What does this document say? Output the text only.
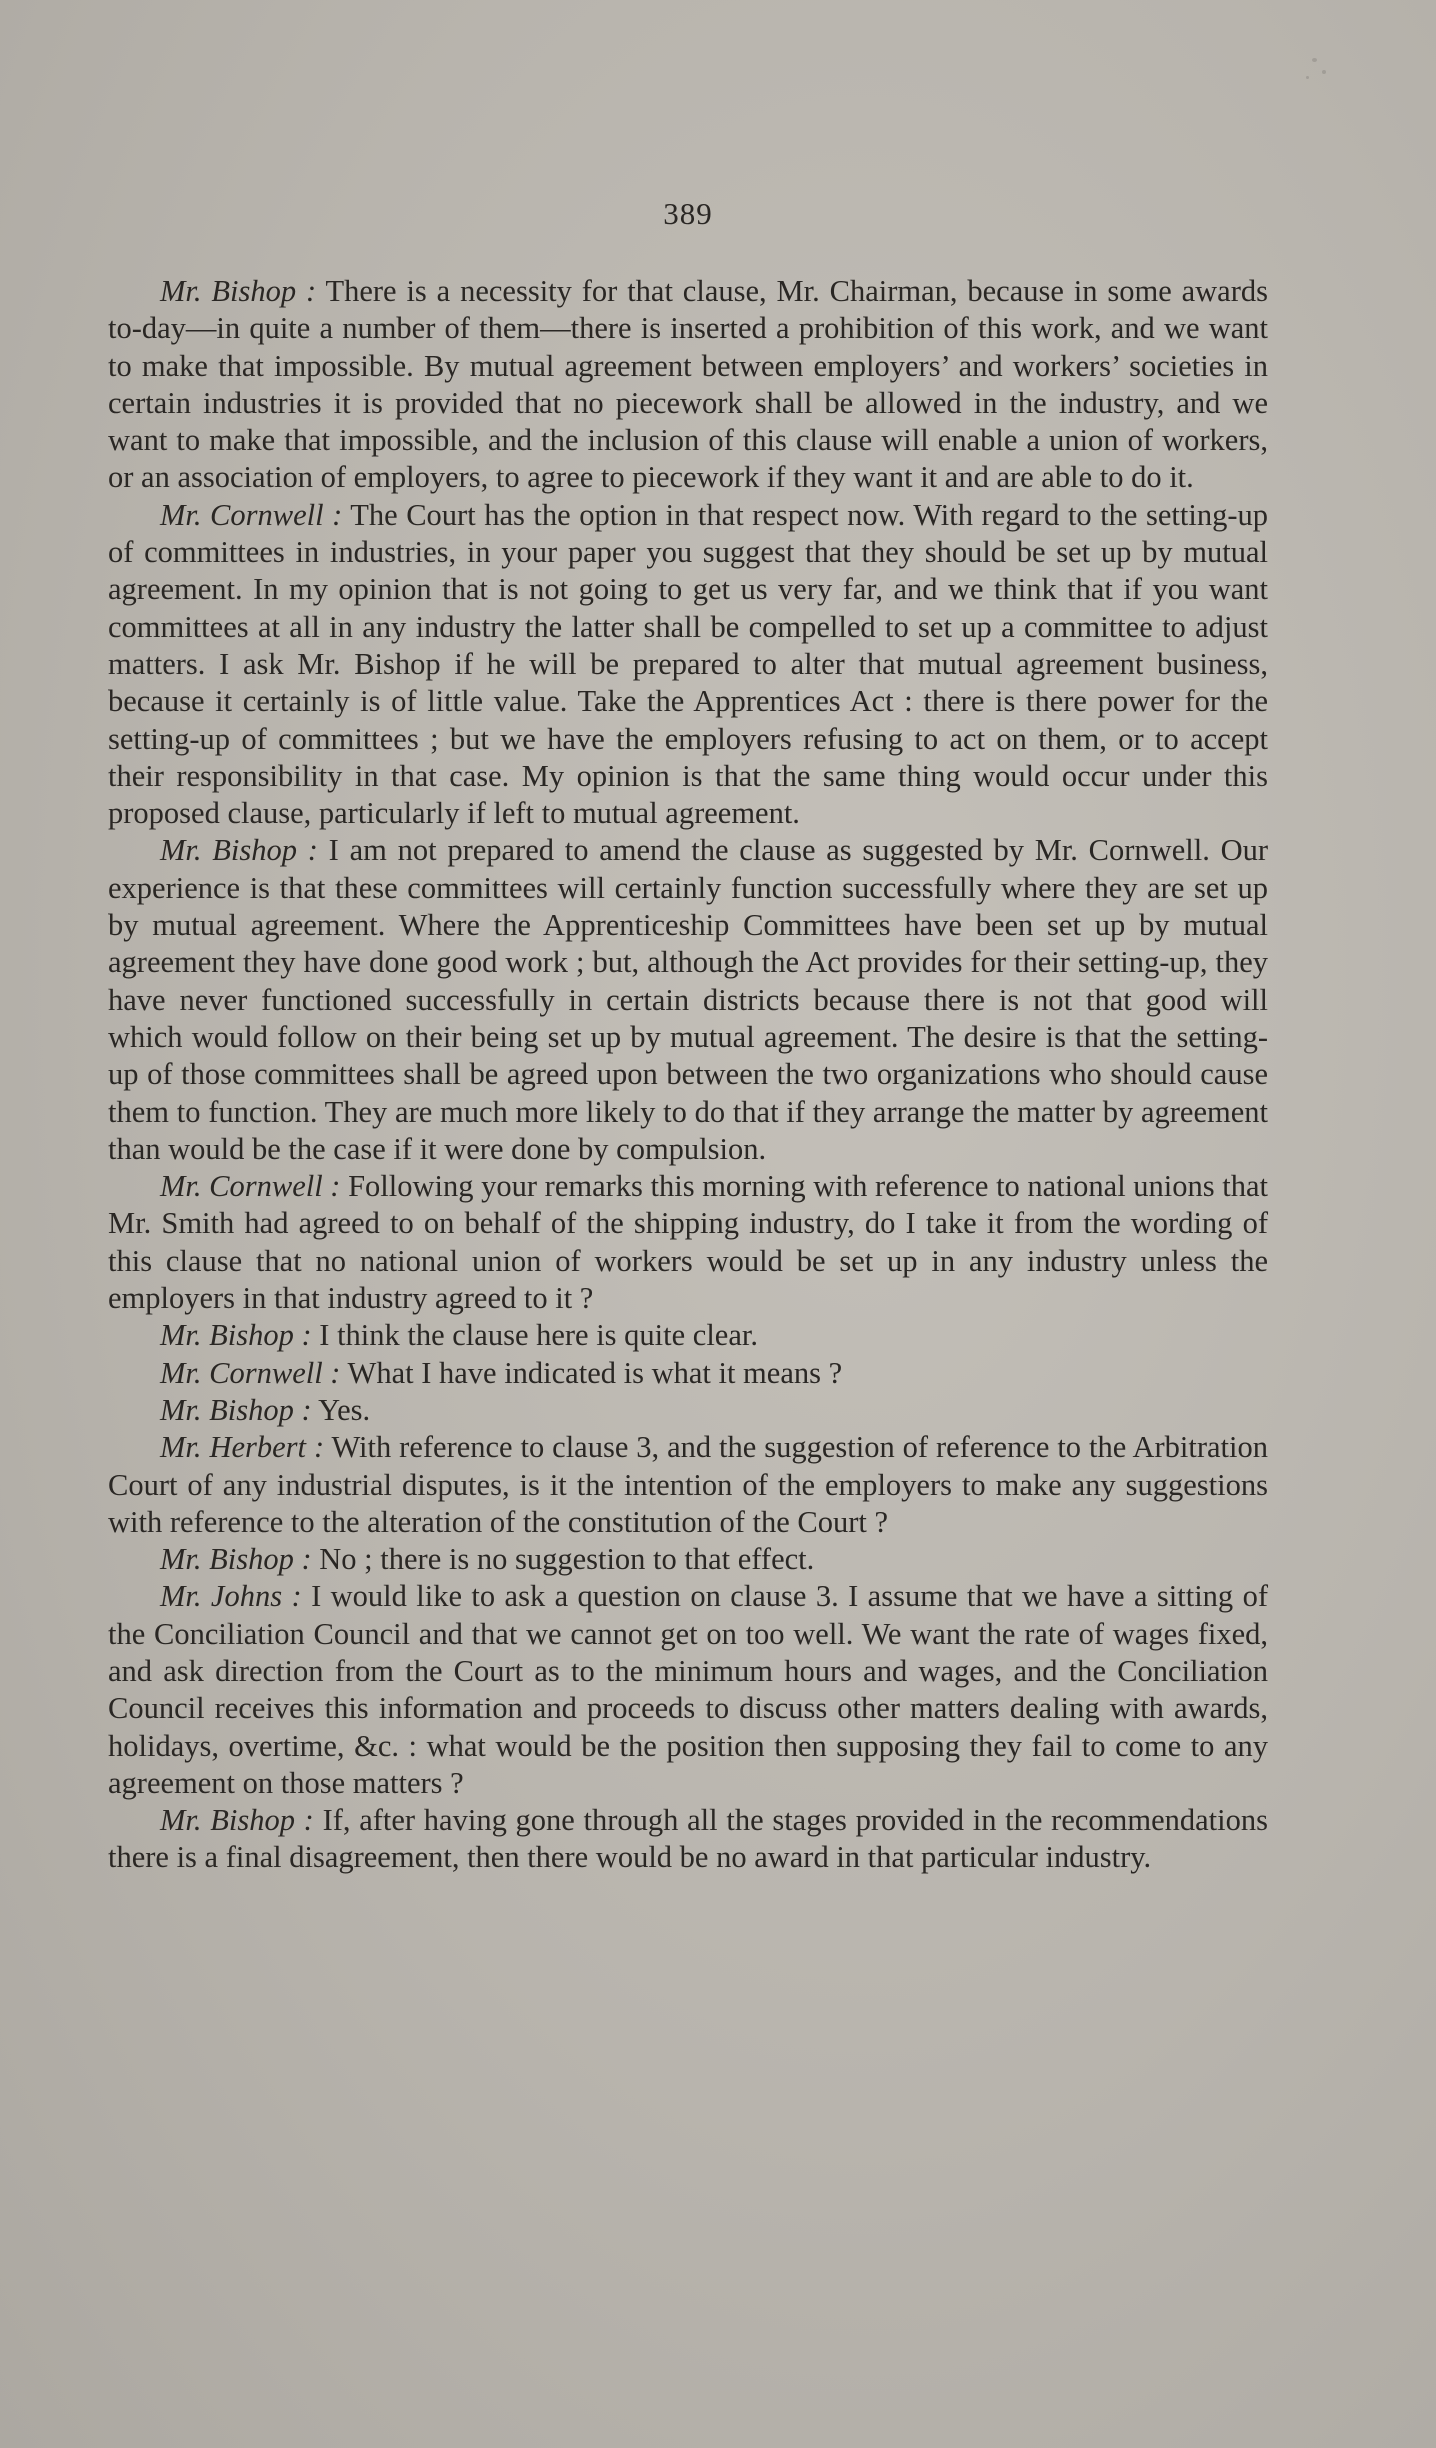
389

Mr. Bishop : There is a necessity for that clause, Mr. Chairman, because in some awards to-day—in quite a number of them—there is inserted a prohibition of this work, and we want to make that impossible. By mutual agreement between employers’ and workers’ societies in certain industries it is provided that no piecework shall be allowed in the industry, and we want to make that impossible, and the inclusion of this clause will enable a union of workers, or an association of employers, to agree to piecework if they want it and are able to do it.

Mr. Cornwell : The Court has the option in that respect now. With regard to the setting-up of committees in industries, in your paper you suggest that they should be set up by mutual agreement. In my opinion that is not going to get us very far, and we think that if you want committees at all in any industry the latter shall be compelled to set up a committee to adjust matters. I ask Mr. Bishop if he will be prepared to alter that mutual agreement business, because it certainly is of little value. Take the Apprentices Act : there is there power for the setting-up of committees ; but we have the employers refusing to act on them, or to accept their responsibility in that case. My opinion is that the same thing would occur under this proposed clause, particularly if left to mutual agreement.

Mr. Bishop : I am not prepared to amend the clause as suggested by Mr. Cornwell. Our experience is that these committees will certainly function successfully where they are set up by mutual agreement. Where the Apprenticeship Committees have been set up by mutual agreement they have done good work ; but, although the Act provides for their setting-up, they have never functioned successfully in certain districts because there is not that good will which would follow on their being set up by mutual agreement. The desire is that the setting-up of those committees shall be agreed upon between the two organizations who should cause them to function. They are much more likely to do that if they arrange the matter by agreement than would be the case if it were done by compulsion.

Mr. Cornwell : Following your remarks this morning with reference to national unions that Mr. Smith had agreed to on behalf of the shipping industry, do I take it from the wording of this clause that no national union of workers would be set up in any industry unless the employers in that industry agreed to it ?

Mr. Bishop : I think the clause here is quite clear.

Mr. Cornwell : What I have indicated is what it means ?

Mr. Bishop : Yes.

Mr. Herbert : With reference to clause 3, and the suggestion of reference to the Arbitration Court of any industrial disputes, is it the intention of the employers to make any suggestions with reference to the alteration of the constitution of the Court ?

Mr. Bishop : No ; there is no suggestion to that effect.

Mr. Johns : I would like to ask a question on clause 3. I assume that we have a sitting of the Conciliation Council and that we cannot get on too well. We want the rate of wages fixed, and ask direction from the Court as to the minimum hours and wages, and the Conciliation Council receives this information and proceeds to discuss other matters dealing with awards, holidays, overtime, &c. : what would be the position then supposing they fail to come to any agreement on those matters ?

Mr. Bishop : If, after having gone through all the stages provided in the recommendations there is a final disagreement, then there would be no award in that particular industry.
